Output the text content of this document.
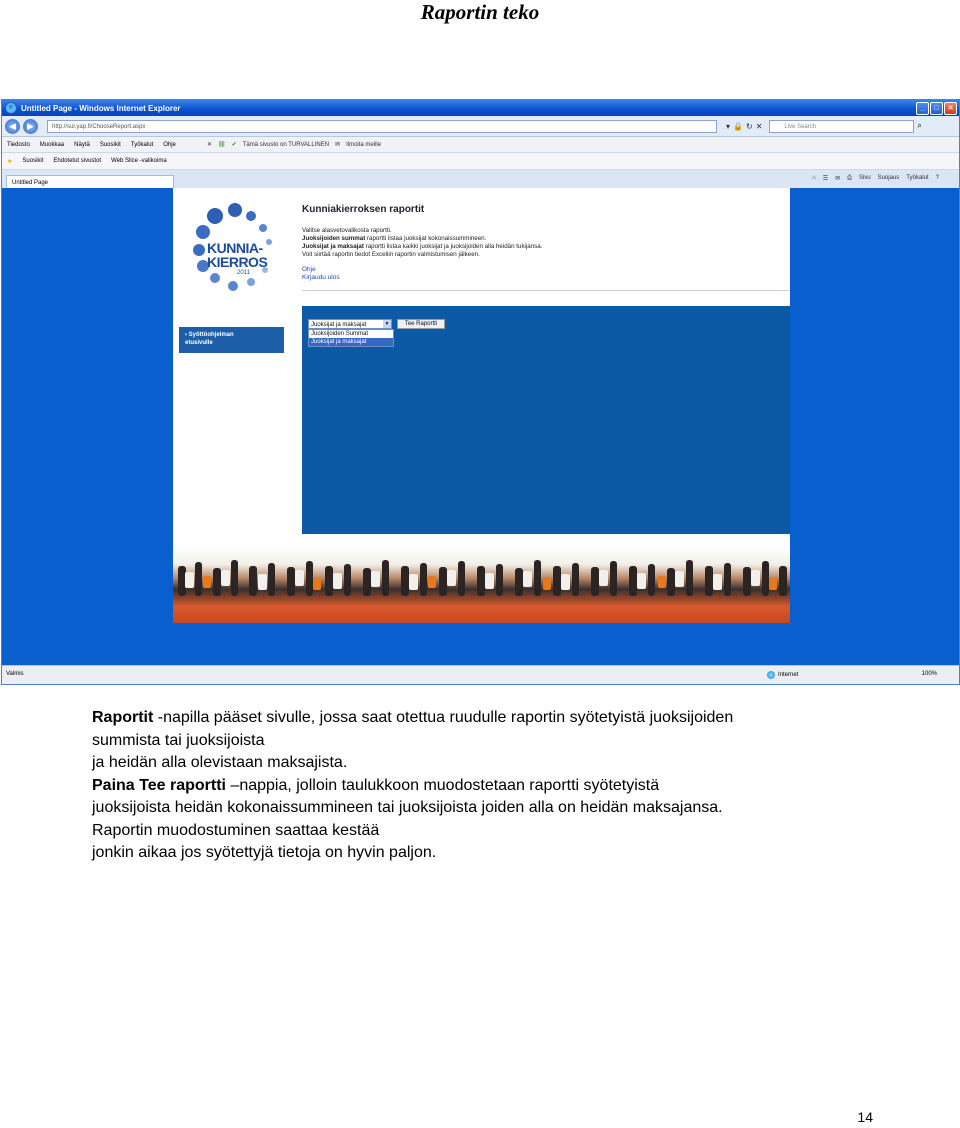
Raportin teko
e	Untitled Page - Windows Internet Explorer	_	□	✕
◀	▶	http://sul.yap.fi/ChooseReport.aspx	▾ 🔒 ↻ ✕	Live Search	⌕
Tiedosto Muokkaa Näytä Suosikit Työkalut Ohje	✕ ⛓ ✔ Tämä sivusto on TURVALLINEN ✉ Ilmoita meille
★ Suosikit Ehdotetut sivustot Web Slice -valikoima
Untitled Page
⌂ ☰ ✉ ⎙ Sivu Suojaus Työkalut ?
KUNNIA-
KIERROS
2011
› Syöttöohjelman
etusivulle
Kunniakierroksen raportit

Valitse alasvetovalikosta raportti.

Juoksijoiden summat raportti listaa juoksijat kokonaissummineen.

Juoksijat ja maksajat raportti listaa kaikki juoksijat ja juoksijoiden alla heidän tukijansa.

Voit siirtää raportin tiedot Exceliin raportin valmistumisen jälkeen.

Ohje
Kirjaudu ulos
Juoksijat ja maksajat	▼
Juoksijoiden Summat
Juoksijat ja maksajat
Tee Raportti
Valmis	Internet	100%

Raportit -napilla pääset sivulle, jossa saat otettua ruudulle raportin syötetyistä juoksijoiden

summista tai juoksijoista

ja heidän alla olevistaan maksajista.

Paina Tee raportti –nappia, jolloin taulukkoon muodostetaan raportti syötetyistä

juoksijoista heidän kokonaissummineen tai juoksijoista joiden alla on heidän maksajansa.

Raportin muodostuminen saattaa kestää

jonkin aikaa jos syötettyjä tietoja on hyvin paljon.

14
